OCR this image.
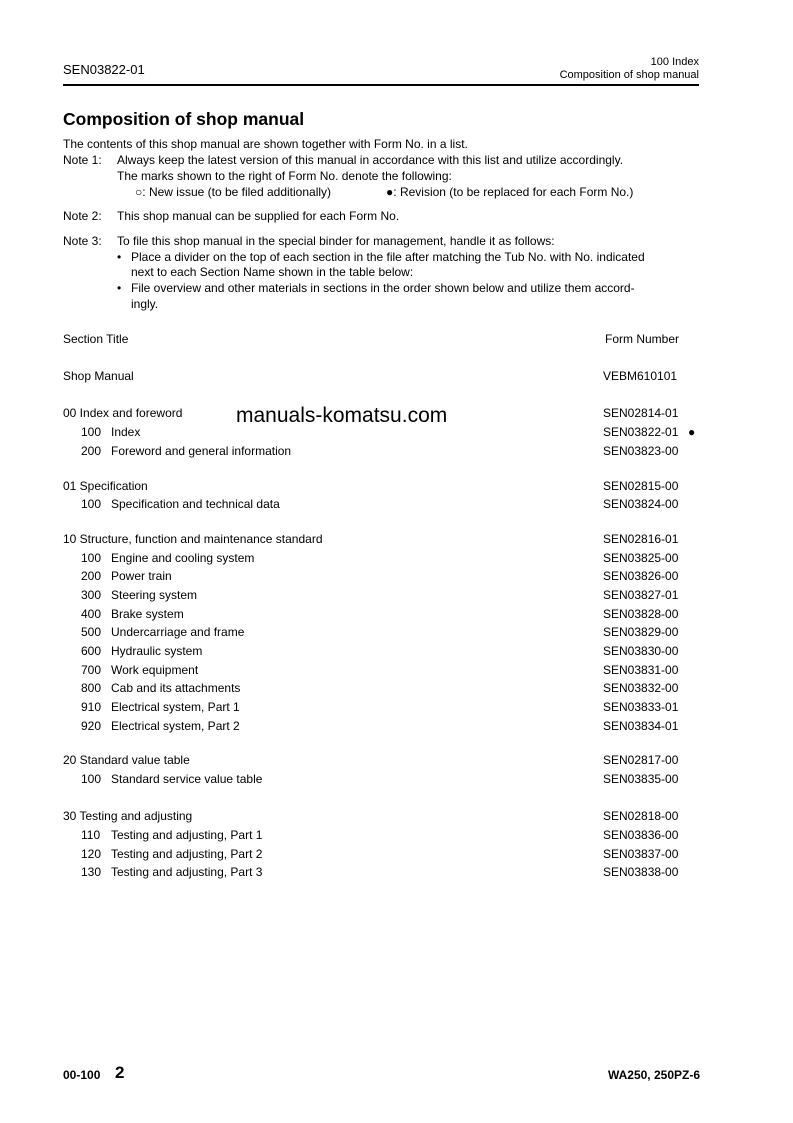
SEN03822-01	100 Index
Composition of shop manual
Composition of shop manual
The contents of this shop manual are shown together with Form No. in a list.
Note 1: Always keep the latest version of this manual in accordance with this list and utilize accordingly.
The marks shown to the right of Form No. denote the following:
○: New issue (to be filed additionally)	●: Revision (to be replaced for each Form No.)
Note 2: This shop manual can be supplied for each Form No.
Note 3: To file this shop manual in the special binder for management, handle it as follows:
• Place a divider on the top of each section in the file after matching the Tub No. with No. indicated
next to each Section Name shown in the table below:
• File overview and other materials in sections in the order shown below and utilize them accord-
ingly.
Section Title	Form Number
Shop Manual	VEBM610101
00 Index and foreword	SEN02814-01
100 Index	SEN03822-01 ●
200 Foreword and general information	SEN03823-00
01 Specification	SEN02815-00
100 Specification and technical data	SEN03824-00
10 Structure, function and maintenance standard	SEN02816-01
100 Engine and cooling system	SEN03825-00
200 Power train	SEN03826-00
300 Steering system	SEN03827-01
400 Brake system	SEN03828-00
500 Undercarriage and frame	SEN03829-00
600 Hydraulic system	SEN03830-00
700 Work equipment	SEN03831-00
800 Cab and its attachments	SEN03832-00
910 Electrical system, Part 1	SEN03833-01
920 Electrical system, Part 2	SEN03834-01
20 Standard value table	SEN02817-00
100 Standard service value table	SEN03835-00
30 Testing and adjusting	SEN02818-00
110 Testing and adjusting, Part 1	SEN03836-00
120 Testing and adjusting, Part 2	SEN03837-00
130 Testing and adjusting, Part 3	SEN03838-00
manuals-komatsu.com
00-100 2	WA250, 250PZ-6
